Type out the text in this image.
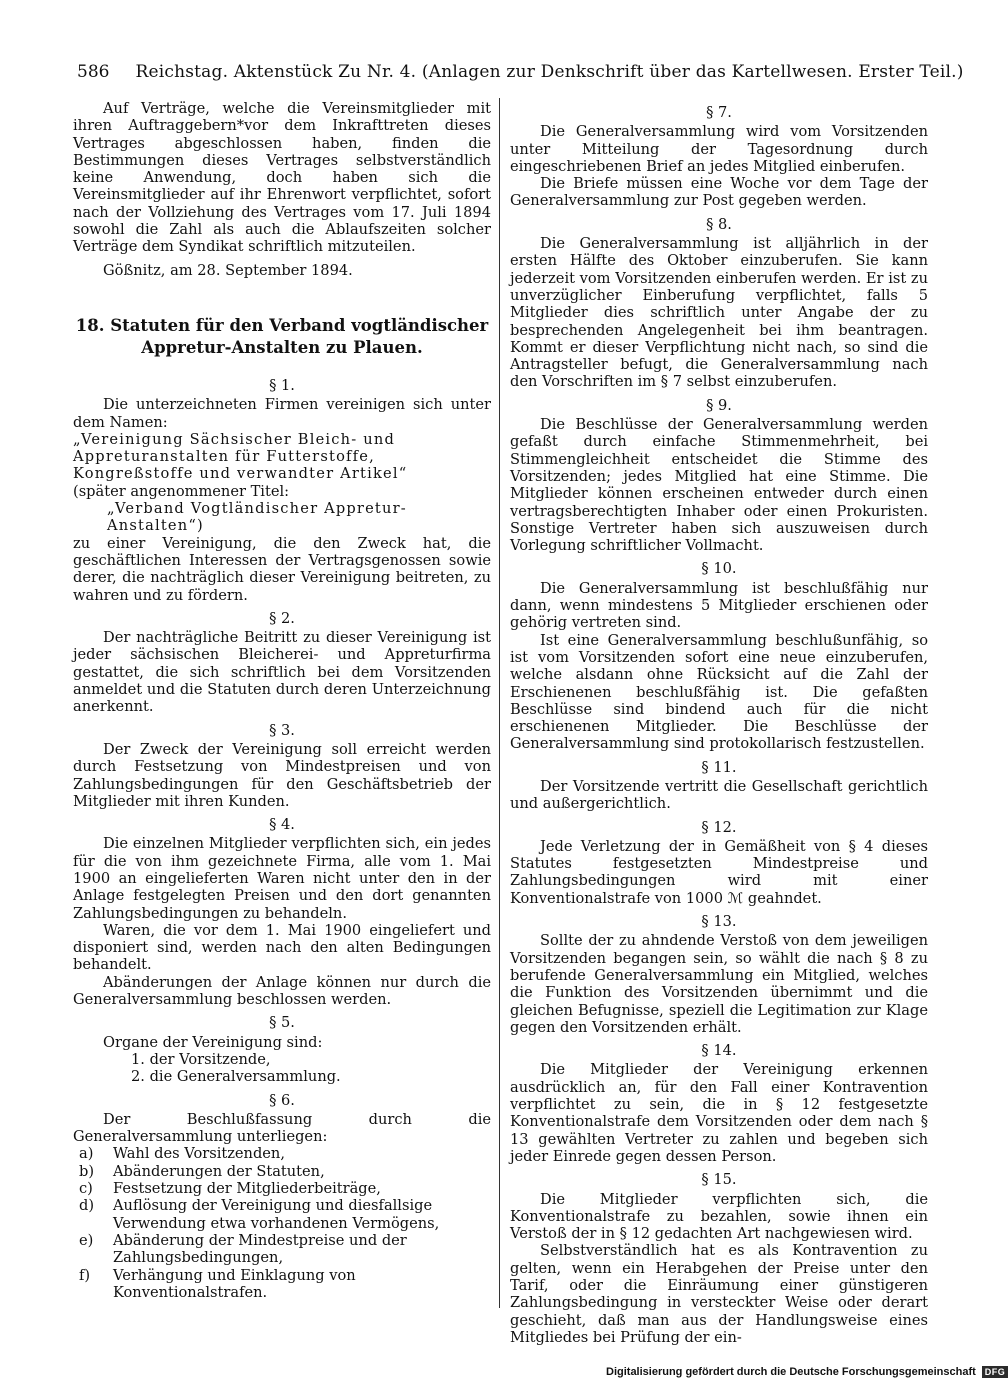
586 Reichstag. Aktenstück Zu Nr. 4. (Anlagen zur Denkschrift über das Kartellwesen. Erster Teil.)

Auf Verträge, welche die Vereinsmitglieder mit ihren Auftraggebern*vor dem Inkrafttreten dieses Vertrages abgeschlossen haben, finden die Bestimmungen dieses Vertrages selbstverständlich keine Anwendung, doch haben sich die Vereinsmitglieder auf ihr Ehrenwort verpflichtet, sofort nach der Vollziehung des Vertrages vom 17. Juli 1894 sowohl die Zahl als auch die Ablaufszeiten solcher Verträge dem Syndikat schriftlich mitzuteilen.

Gößnitz, am 28. September 1894.

18. Statuten für den Verband vogtländischer Appretur-Anstalten zu Plauen.
§ 1.

Die unterzeichneten Firmen vereinigen sich unter dem Namen:

„Vereinigung Sächsischer Bleich- und Appreturanstalten für Futterstoffe, Kongreßstoffe und verwandter Artikel“

(später angenommener Titel:

„Verband Vogtländischer Appretur-Anstalten“)

zu einer Vereinigung, die den Zweck hat, die geschäftlichen Interessen der Vertragsgenossen sowie derer, die nachträglich dieser Vereinigung beitreten, zu wahren und zu fördern.

§ 2.

Der nachträgliche Beitritt zu dieser Vereinigung ist jeder sächsischen Bleicherei- und Appreturfirma gestattet, die sich schriftlich bei dem Vorsitzenden anmeldet und die Statuten durch deren Unterzeichnung anerkennt.

§ 3.

Der Zweck der Vereinigung soll erreicht werden durch Festsetzung von Mindestpreisen und von Zahlungsbedingungen für den Geschäftsbetrieb der Mitglieder mit ihren Kunden.

§ 4.

Die einzelnen Mitglieder verpflichten sich, ein jedes für die von ihm gezeichnete Firma, alle vom 1. Mai 1900 an eingelieferten Waren nicht unter den in der Anlage festgelegten Preisen und den dort genannten Zahlungsbedingungen zu behandeln.

Waren, die vor dem 1. Mai 1900 eingeliefert und disponiert sind, werden nach den alten Bedingungen behandelt.

Abänderungen der Anlage können nur durch die Generalversammlung beschlossen werden.

§ 5.

Organe der Vereinigung sind:

1. der Vorsitzende,
2. die Generalversammlung.
§ 6.

Der Beschlußfassung durch die Generalversammlung unterliegen:

a) Wahl des Vorsitzenden,
b) Abänderungen der Statuten,
c) Festsetzung der Mitgliederbeiträge,
d) Auflösung der Vereinigung und diesfallsige Verwendung etwa vorhandenen Vermögens,
e) Abänderung der Mindestpreise und der Zahlungsbedingungen,
f) Verhängung und Einklagung von Konventionalstrafen.
§ 7.

Die Generalversammlung wird vom Vorsitzenden unter Mitteilung der Tagesordnung durch eingeschriebenen Brief an jedes Mitglied einberufen.

Die Briefe müssen eine Woche vor dem Tage der Generalversammlung zur Post gegeben werden.

§ 8.

Die Generalversammlung ist alljährlich in der ersten Hälfte des Oktober einzuberufen. Sie kann jederzeit vom Vorsitzenden einberufen werden. Er ist zu unverzüglicher Einberufung verpflichtet, falls 5 Mitglieder dies schriftlich unter Angabe der zu besprechenden Angelegenheit bei ihm beantragen. Kommt er dieser Verpflichtung nicht nach, so sind die Antragsteller befugt, die Generalversammlung nach den Vorschriften im § 7 selbst einzuberufen.

§ 9.

Die Beschlüsse der Generalversammlung werden gefaßt durch einfache Stimmenmehrheit, bei Stimmengleichheit entscheidet die Stimme des Vorsitzenden; jedes Mitglied hat eine Stimme. Die Mitglieder können erscheinen entweder durch einen vertragsberechtigten Inhaber oder einen Prokuristen. Sonstige Vertreter haben sich auszuweisen durch Vorlegung schriftlicher Vollmacht.

§ 10.

Die Generalversammlung ist beschlußfähig nur dann, wenn mindestens 5 Mitglieder erschienen oder gehörig vertreten sind.

Ist eine Generalversammlung beschlußunfähig, so ist vom Vorsitzenden sofort eine neue einzuberufen, welche alsdann ohne Rücksicht auf die Zahl der Erschienenen beschlußfähig ist. Die gefaßten Beschlüsse sind bindend auch für die nicht erschienenen Mitglieder. Die Beschlüsse der Generalversammlung sind protokollarisch festzustellen.

§ 11.

Der Vorsitzende vertritt die Gesellschaft gerichtlich und außergerichtlich.

§ 12.

Jede Verletzung der in Gemäßheit von § 4 dieses Statutes festgesetzten Mindestpreise und Zahlungsbedingungen wird mit einer Konventionalstrafe von 1000 ℳ geahndet.

§ 13.

Sollte der zu ahndende Verstoß von dem jeweiligen Vorsitzenden begangen sein, so wählt die nach § 8 zu berufende Generalversammlung ein Mitglied, welches die Funktion des Vorsitzenden übernimmt und die gleichen Befugnisse, speziell die Legitimation zur Klage gegen den Vorsitzenden erhält.

§ 14.

Die Mitglieder der Vereinigung erkennen ausdrücklich an, für den Fall einer Kontravention verpflichtet zu sein, die in § 12 festgesetzte Konventionalstrafe dem Vorsitzenden oder dem nach § 13 gewählten Vertreter zu zahlen und begeben sich jeder Einrede gegen dessen Person.

§ 15.

Die Mitglieder verpflichten sich, die Konventionalstrafe zu bezahlen, sowie ihnen ein Verstoß der in § 12 gedachten Art nachgewiesen wird.

Selbstverständlich hat es als Kontravention zu gelten, wenn ein Herabgehen der Preise unter den Tarif, oder die Einräumung einer günstigeren Zahlungsbedingung in versteckter Weise oder derart geschieht, daß man aus der Handlungsweise eines Mitgliedes bei Prüfung der ein-

Digitalisierung gefördert durch die Deutsche Forschungsgemeinschaft	DFG
